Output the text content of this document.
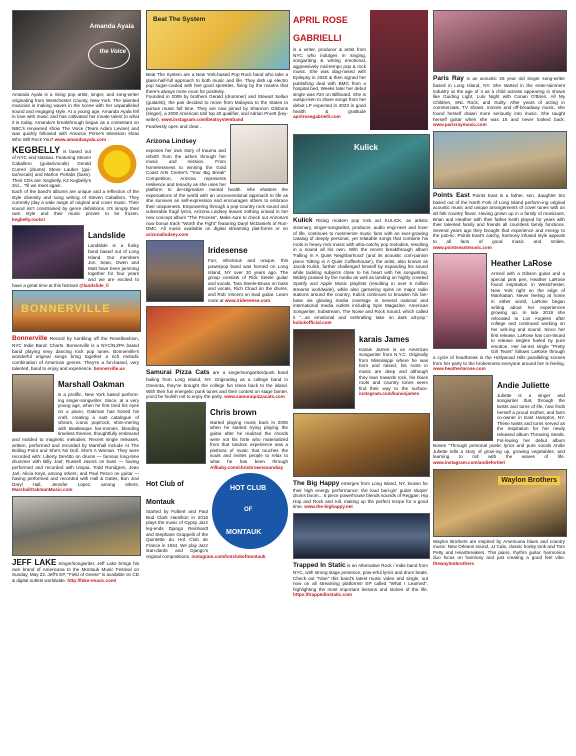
Amanda Ayala
the Voice

Amanda Ayala is a rising pop artist, singer, and song-writer originating from Westchester County, New York. The talented musician is making waves in the scene with her unparalleled sound and engaging style. At a young age, Amanda Ayala fell in love with music and has cultivated her innate talent to what it is today. Amanda's breakthrough began as a contestant on NBC's renowned show The Voice (Team Adam Levine) and was quickly followed with Amazon Prime's television show Who Will Rock You? www.amandaayala.com

KEGBELLY is based out of NYC and Nassau. Featuring Steven Caballero (guitar/vocals) Gerald Curreri (drums) Steve Lauber (gui-tar/vocals) and Marlon Portalis (bass). Their CDs are: Kegbelly, K2 Kegbelly's 3rd... 'Til we meet again.

Each of the band's albums are unique and a reflection of the style diversity and song writing of Steven Caballero. They currently play a wide range of original and cover music. Their sound isn't constrained by genre definitions. It's simply their own style and their music proves to be frozen. kegbelly.rocks!

Landslide

Landslide is a funky band based out of Long Island. Our members Jon, Sean, Owen and Matt have been jamming together for four years and we are excited to have a great time at this festival! @landslide_li

BONNERVILLE

Bonnerville Record by tumbling off the Revelbashion, NYC Indie Band: Charts. Bonnerville is a NYC/NJ/PA based band playing sexy dancing rock pop tunes. Bonnerville's wonderful original songs bring together a rich melodic combination of American genres. They're a fun-based, very talented, band to enjoy and experience. bonnerville.us

Marshall Oakman

is a prolific, New York based perform-ing singer-songwriter. Since, at a very young age, when he first tried his eyes on a piano, Oakman has honed his craft, creating a vast catalogue of vibrant, iconic pop/rock, shim-mering with Beatlesque har-monies, blending timeless themes, thoughtfully embraced and molded to magnetic melodies. Recent single releases, written, performed and recorded by Marshall include At The Boiling Point and She's No Doll. She's A Woman. They were recorded with: Liberty DeVitto on drums — famous long-time drummer with Billy Joel; Russell Javors on bass — having performed and recorded with Utopia, Todd Rundgren, Jean Jarl, Alicia Keys, among others; and Paul Pesco on guitar — having performed and recorded with Hall & Oates, Bon Jovi Daryl Hall, Jennifer Lopez, among others. MarshallOakmanMusic.com

JEFF LAKE Singer/songwriter, Jeff Lake brings his own brand of Americana to the Montauk Music Festival on Sunday, May 22. Jeff's EP, "Field of Geese" is available on CD & digital outlets worldwide. http://fake-music.com/

Beat The System

Beat The System are a New York-based Pop Rock band who take a glass-half-full approach to both music and life. They dish up electro pop sugar-coated with feel good sprinkles, fixing by the mantra that there's always more room for positivity.

Founded in 2009 by brothers Gerald (drummer) and Stewart Sellan (guitarist), the pair decided to move from Malaysia to the States to pursue music full time. They are now joined by Shannon Gibbons (singer), a 2000 American Idol top 40 qualifier, and Adrian Pruett (key-writer). www.instagram.com/beatsystemband

Fearlessly open and clear...

Arizona Lindsey

exposes her own story of trauma and rebirth from the ashes through her music and mission. From homelessness to winning the Gold Coast Arts Center's "Your Big Break" Competition, Arizona represents resilience and tenacity as she uses her platform to de-stigmatize mental health. She shatters the expectations of the world with an unconventional approach to life as she survives an self-expression and encourages others to embrace their uniqueness. Empowering through a pop-country rock sound and vulnerable fragil lyrics, Arizona Lindsey leaves nothing unsaid in her new concept album "The Process". Make sure to check out Arizona's now bonus track "Worth the Fight" featuring Daryl McDaniels of Run-DMC. All music available on digital streaming plat-forms or on arizonalindsey.com

Iridesense

Fun, infectious and unique, this powerpop band was formed on Long Island, NY over 20 years ago. The group consists of Rick Steele guitar and vocals, Tara Steele-Bruan on bass and vocals, Rich Cloud on the drums, and Rob Vincent on lead guitar. Learn more at www.iridesense.com

Samurai Pizza Cats are a singer/songwriter/punk band hailing from Long Island, NY. Originating as a college band in Oneonta, they've brought the college fun times back to the island. With their fun energetic punk tunes and their contest on stage banter, you'd be foolish not to enjoy the party. www.samuraipizzacats.com

Chris brown

started playing music back in 2005 when he started trying playing the guitar after he realized the chords were not his forte who materialized from that random experience was a plethora of music that touches the souls and invites people to relax to what he has been through Allbaby.com/chrisbrownsoundiay

HOT CLUB
OF
MONTAUK

Hot Club of Montauk

Started by Fulbert and Paul Bud Clark Hamilton in 2016 plays the music of Gypsy Jazz leg-ends Django Reinhardt and Stephane Grappelli of the Quintette du Hot Club de France in 1934. We play Jazz stan-dards and Django's original compositions. instagram.com/hotclubofmontauk

APRIL ROSE

GABRIELLI

is a writer, producer & artist from NYC who indulges in singing, songwriting & writing emotional, aggressively mid-tempo pop & rock music. She was diag-nosed with Epilepsy in 2020 & then signed her publishing deal with BMG from a hospital bed. Weeks later her debut single was #24 on Billboard. She is outspo-ken to share songs from her debut LP expected in 2023 in good health & gratitude aprilrosegabrielli.com

Kulick

Kulick Rising modern pop rock act KULICK, an artistic visionary, singer-songwriter, producer, audio engi-neer and lover of life, continues to mesmerize music fans with an ever-growing catalog of deeply personal, yet relatable songs that combine his roots in heavy rock music with ultra-catchy pop melodies, resulting in a sound all his own. With the recent breakthrough album 'Falling in A Quiet Neighborhood' (and its acoustic com-panion piece 'Sitting in A Quiet Coffeehouse'), the artist, also known as Jacob Kulick, further challenged himself by expanding his sound while tackling subjects close to his heart with his songwriting. Widely praised by the media as well as landing on highly coveted Spotify and Apple Music playlists (resulting in over 5 million streams worldwide), while also garnering spins on major radio stations around the country, Kulick continues to broaden his fan-base via glowing media coverage in several national and international media outlets including Spin Magazine, American Songwriter, Substream, The Noise and Rock Sound, which called it "...an emotional and enthralling take on dark alt-pop." kulickofficial.com

karais James

Karais James is an American Songwriter from N.Y.C. Originally from Mississippi where he was born and raised, his roots in music are deep and although they lean towards rock, his blues roots and country tones seem find their way to the surface. instagram.com/karaisjames

The Big Happy emerges from Long Island, NY, known for their high energy performance: the loud bari-gin' guitar slurpin' drums boom... 5 piece powerhouse blends sounds of Reggae, Hip Hop and Rock and roll, making up the perfect recipe for a good time. www.the-bighappy.net

Trapped In Static is an Alternative Rock / Indie band from NYC, with strong stage presence, pow-erful lyrics and drum beats. Check out "Nine" this band's latest music video and single, out now on all streaming platforms! EP called "What I Learned", highlighting the most important lessons and stories of the life. https://trappedinstatic.com

Paris Ray is an acoustic 26 year old singer song-writer based in Long Island, NY. She started in the enter-tainment industry at the age of 4 as a child actress appearing in shows like Guiding Light, Lulu Night with Conan O'Brien, All My Children, SNL Rock, and Guilty. After years of acting in commercials, TV shows, movies and off-broadway music, she found herself drawn more seriously into music. She taught herself guitar when she was 15 and never looked back. www.parisraymusic.com

Points East Points East is a father, son, daughter trio based out of the North Fork of Long Island perform-ing original acoustic music and unique arrangements of cover tunes with an alt folk country flavor. Having grown up in a family of musicians, Brian and Heather with their father Keith played for years with their talented family and friends all countless family functions. Several years ago they brought that experience and energy to the pub-lic. Points East's catchy, harmony infused style appeals to all fans of good music and smiles. www.pointseastmusic.com

Heather LaRose

Armed with a Gibson guitar and a special pink pen, Heather LaRose found inspiration in Westchester, New York right on the edge of Manhattan. Never feeling at home in either world, LaRose began writing about her experiences growing up. In late 2019 she relocated to Los Angeles after college and continued working on her writ-ing and sound. Since her first release, LaRose has con-tinued to release singles fueled by pure emotion. Her lat-est single "Pretty Girl Tears" follows LaRose through a cycle of heartbreak in the Hollywood Hills paralleling scenes from her party to the brokenness everyone around her is feeling. www.heatherlarose.com

Andie Juliette

Juliette is a singer and songwriter that, through the twists and turns of life, now finds herself a proud mother, and farm co-owner in East Hampton, NY. These twists and turns served as the inspiration for her newly released album Throwing Seeds. Fol-lowing her debut album Bones "Through personal poetic lyrics and pure vocals Andie Juliette tells a story of grow-ing up, growing vegetables, and learning to roll with the waves of life. www.instagram.com/andiefortier/

Waylon Brothers

Waylon Brothers are inspired by Americana blues and country music: New Orleans sound, JJ Cale, classic honky tonk and Tom Petty and Heartbreakers. This piano, rhythm guitar, harmonica duo focus on harmony and just creating a good feel vibe. thewaylonbrothers
